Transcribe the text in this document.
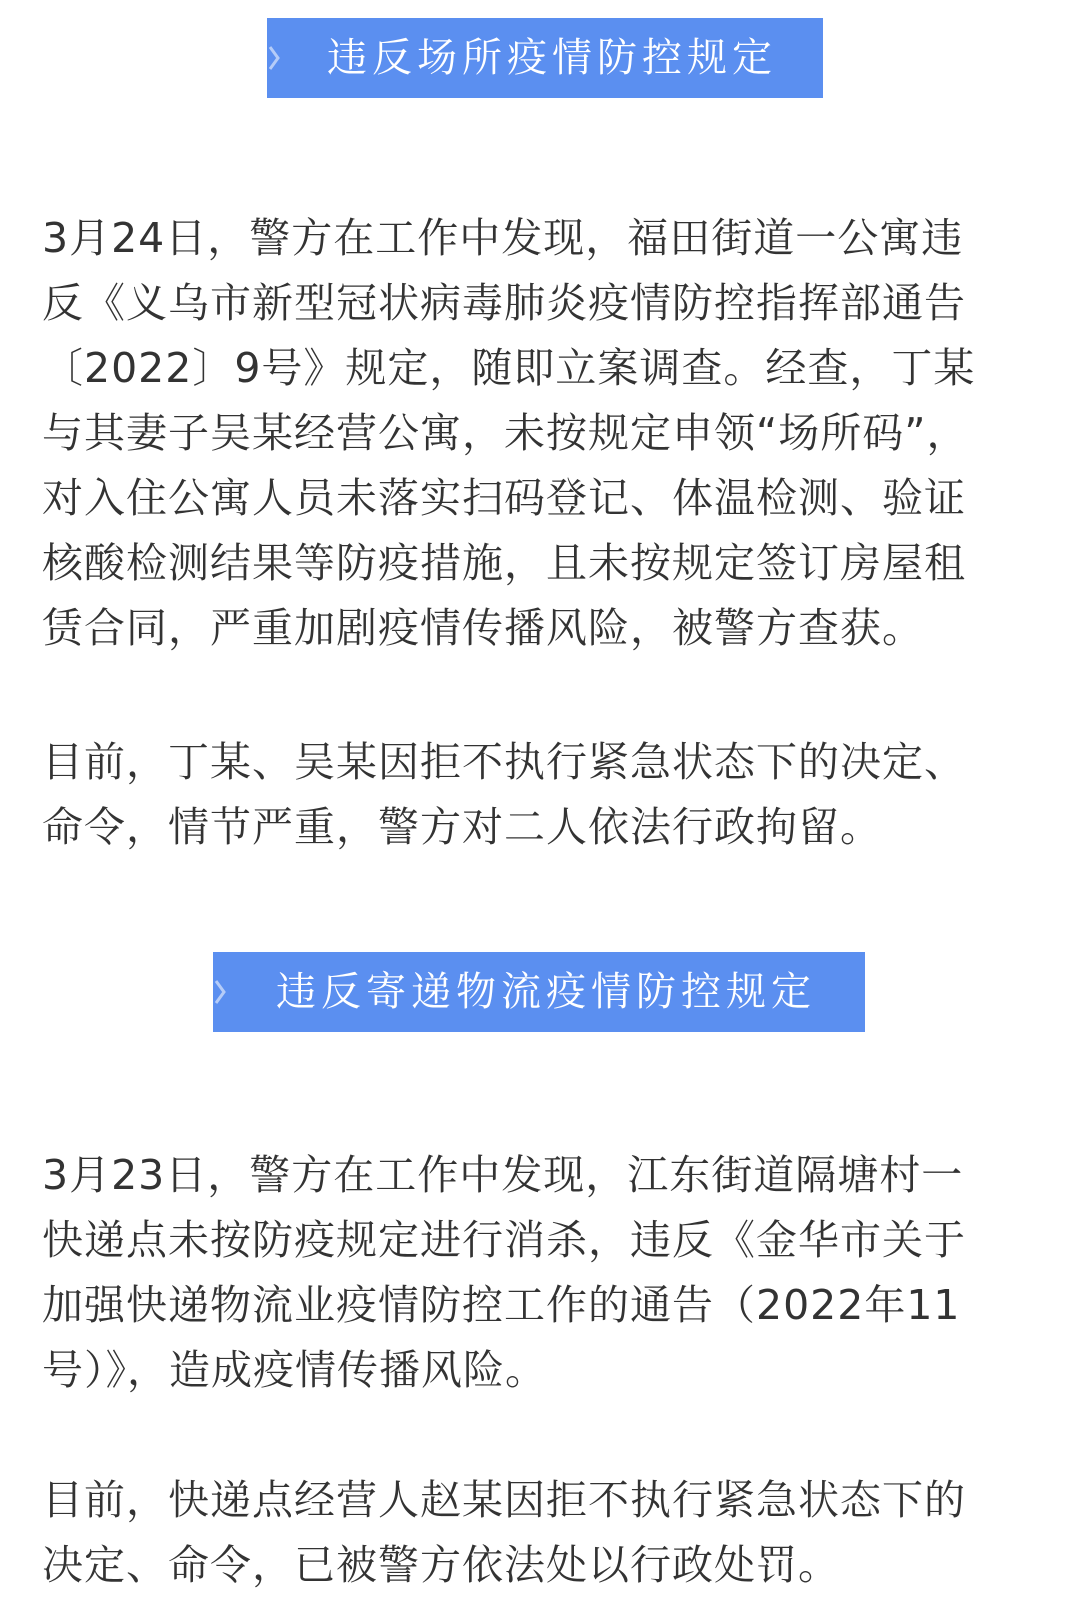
违反场所疫情防控规定
3月24日，警方在工作中发现，福田街道一公寓违
反《义乌市新型冠状病毒肺炎疫情防控指挥部通告
〔2022〕9号》规定，随即立案调查。经查，丁某
与其妻子吴某经营公寓，未按规定申领“场所码”，
对入住公寓人员未落实扫码登记、体温检测、验证
核酸检测结果等防疫措施，且未按规定签订房屋租
赁合同，严重加剧疫情传播风险，被警方查获。
目前，丁某、吴某因拒不执行紧急状态下的决定、
命令，情节严重，警方对二人依法行政拘留。
违反寄递物流疫情防控规定
3月23日，警方在工作中发现，江东街道隔塘村一
快递点未按防疫规定进行消杀，违反《金华市关于
加强快递物流业疫情防控工作的通告（2022年11
号）》，造成疫情传播风险。
目前，快递点经营人赵某因拒不执行紧急状态下的
决定、命令，已被警方依法处以行政处罚。
